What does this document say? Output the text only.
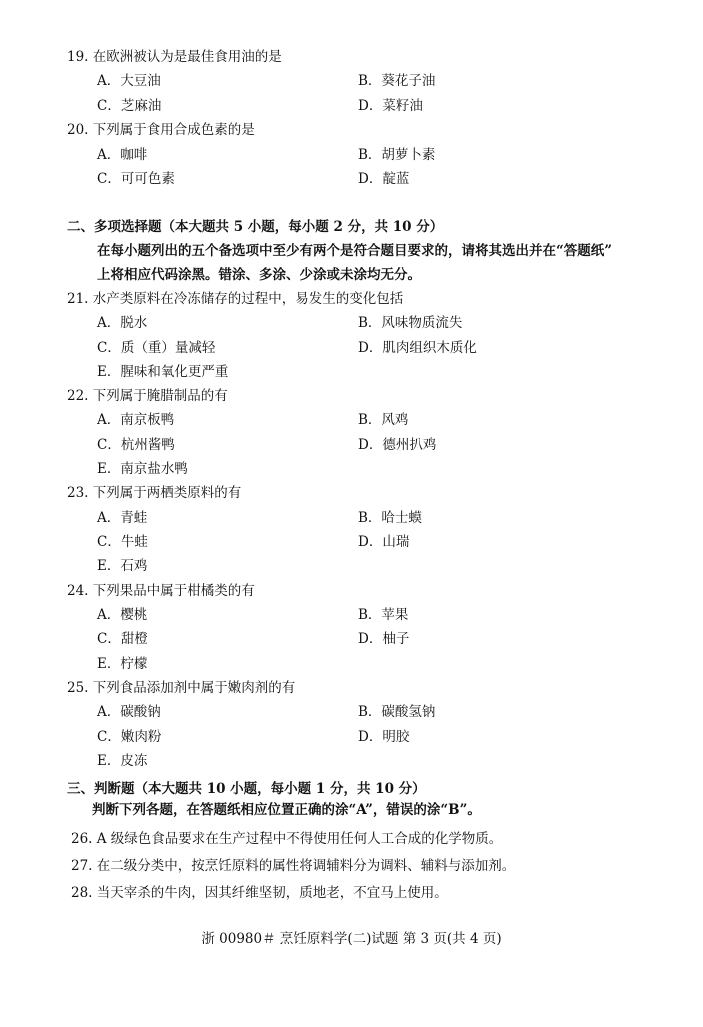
19. 在欧洲被认为是最佳食用油的是
A．大豆油	B．葵花子油
C．芝麻油	D．菜籽油
20. 下列属于食用合成色素的是
A．咖啡	B．胡萝卜素
C．可可色素	D．靛蓝
二、多项选择题（本大题共 5 小题，每小题 2 分，共 10 分）
在每小题列出的五个备选项中至少有两个是符合题目要求的，请将其选出并在“答题纸”
上将相应代码涂黑。错涂、多涂、少涂或未涂均无分。
21. 水产类原料在冷冻储存的过程中，易发生的变化包括
A．脱水	B．风味物质流失
C．质（重）量减轻	D．肌肉组织木质化
E．腥味和氧化更严重
22. 下列属于腌腊制品的有
A．南京板鸭	B．风鸡
C．杭州酱鸭	D．德州扒鸡
E．南京盐水鸭
23. 下列属于两栖类原料的有
A．青蛙	B．哈士蟆
C．牛蛙	D．山瑞
E．石鸡
24. 下列果品中属于柑橘类的有
A．樱桃	B．苹果
C．甜橙	D．柚子
E．柠檬
25. 下列食品添加剂中属于嫩肉剂的有
A．碳酸钠	B．碳酸氢钠
C．嫩肉粉	D．明胶
E．皮冻
三、判断题（本大题共 10 小题，每小题 1 分，共 10 分）
判断下列各题，在答题纸相应位置正确的涂“A”，错误的涂“B”。
26. A 级绿色食品要求在生产过程中不得使用任何人工合成的化学物质。
27. 在二级分类中，按烹饪原料的属性将调辅料分为调料、辅料与添加剂。
28. 当天宰杀的牛肉，因其纤维坚韧，质地老，不宜马上使用。
浙 00980＃ 烹饪原料学(二)试题 第 3 页(共 4 页)
